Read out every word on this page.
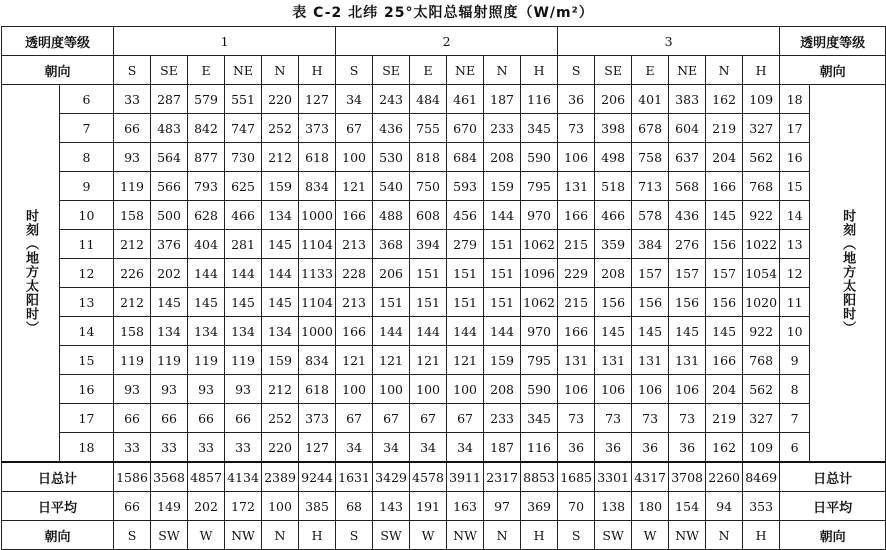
表 C-2 北纬 25°太阳总辐射照度（W/m²）
透明度等级		1						2						3						透明度等级	
朝向		S	SE	E	NE	N	H	S	SE	E	NE	N	H	S	SE	E	NE	N	H	朝向	
时刻（地方太阳时）	6	33	287	579	551	220	127	34	243	484	461	187	116	36	206	401	383	162	109	18	时刻（地方太阳时）
	7	66	483	842	747	252	373	67	436	755	670	233	345	73	398	678	604	219	327	17	
	8	93	564	877	730	212	618	100	530	818	684	208	590	106	498	758	637	204	562	16	
	9	119	566	793	625	159	834	121	540	750	593	159	795	131	518	713	568	166	768	15	
	10	158	500	628	466	134	1000	166	488	608	456	144	970	166	466	578	436	145	922	14	
	11	212	376	404	281	145	1104	213	368	394	279	151	1062	215	359	384	276	156	1022	13	
	12	226	202	144	144	144	1133	228	206	151	151	151	1096	229	208	157	157	157	1054	12	
	13	212	145	145	145	145	1104	213	151	151	151	151	1062	215	156	156	156	156	1020	11	
	14	158	134	134	134	134	1000	166	144	144	144	144	970	166	145	145	145	145	922	10	
	15	119	119	119	119	159	834	121	121	121	121	159	795	131	131	131	131	166	768	9	
	16	93	93	93	93	212	618	100	100	100	100	208	590	106	106	106	106	204	562	8	
	17	66	66	66	66	252	373	67	67	67	67	233	345	73	73	73	73	219	327	7	
	18	33	33	33	33	220	127	34	34	34	34	187	116	36	36	36	36	162	109	6	
日总计		1586	3568	4857	4134	2389	9244	1631	3429	4578	3911	2317	8853	1685	3301	4317	3708	2260	8469	日总计	
日平均		66	149	202	172	100	385	68	143	191	163	97	369	70	138	180	154	94	353	日平均	
朝向		S	SW	W	NW	N	H	S	SW	W	NW	N	H	S	SW	W	NW	N	H	朝向	
